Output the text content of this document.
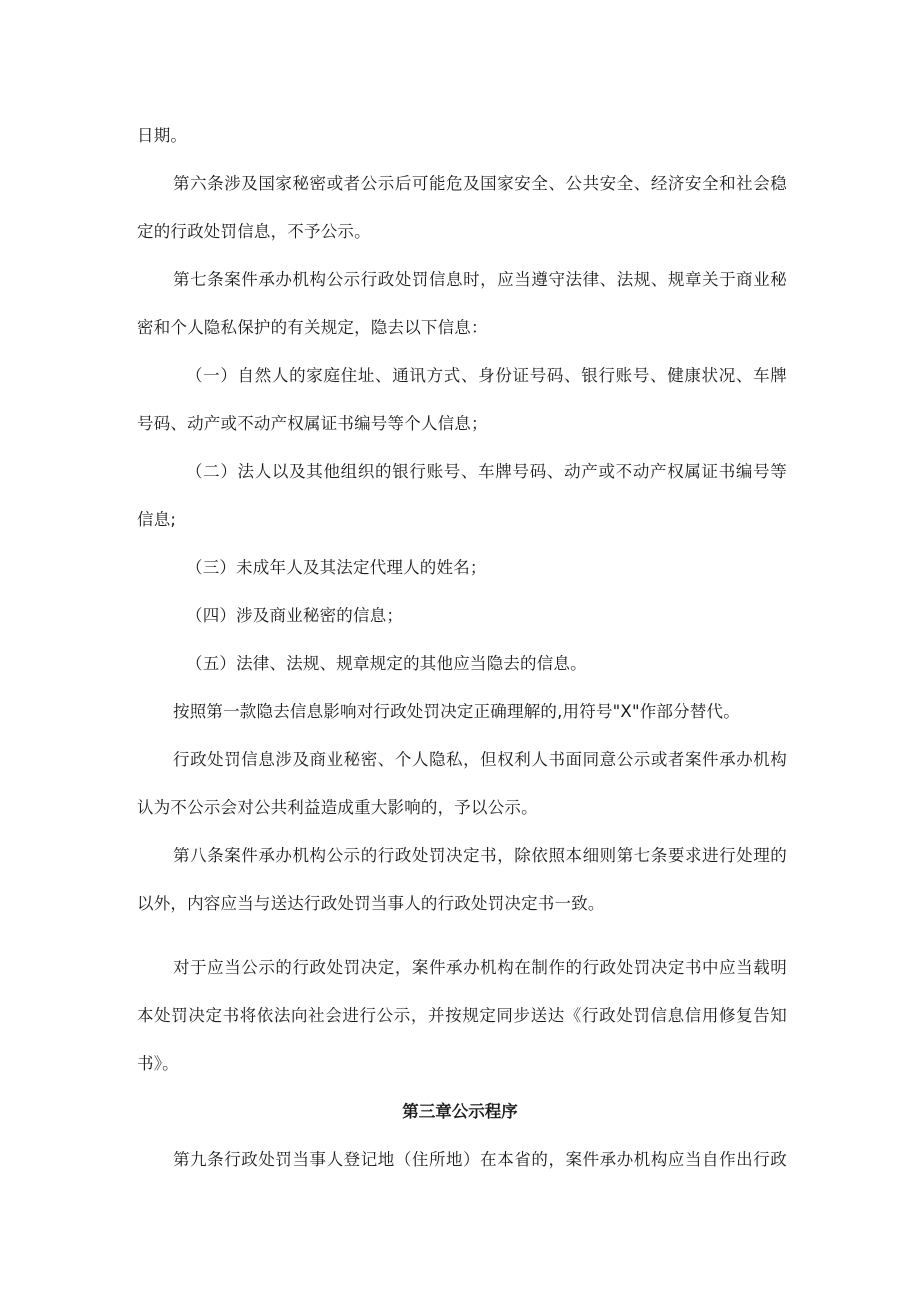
日期。
第六条涉及国家秘密或者公示后可能危及国家安全、公共安全、经济安全和社会稳
定的行政处罚信息，不予公示。
第七条案件承办机构公示行政处罚信息时，应当遵守法律、法规、规章关于商业秘
密和个人隐私保护的有关规定，隐去以下信息：
（一）自然人的家庭住址、通讯方式、身份证号码、银行账号、健康状况、车牌
号码、动产或不动产权属证书编号等个人信息；
（二）法人以及其他组织的银行账号、车牌号码、动产或不动产权属证书编号等
信息;
（三）未成年人及其法定代理人的姓名；
（四）涉及商业秘密的信息；
（五）法律、法规、规章规定的其他应当隐去的信息。
按照第一款隐去信息影响对行政处罚决定正确理解的,用符号"X"作部分替代。
行政处罚信息涉及商业秘密、个人隐私，但权利人书面同意公示或者案件承办机构
认为不公示会对公共利益造成重大影响的，予以公示。
第八条案件承办机构公示的行政处罚决定书，除依照本细则第七条要求进行处理的
以外，内容应当与送达行政处罚当事人的行政处罚决定书一致。
对于应当公示的行政处罚决定，案件承办机构在制作的行政处罚决定书中应当载明
本处罚决定书将依法向社会进行公示，并按规定同步送达《行政处罚信息信用修复告知
书》。
第三章公示程序
第九条行政处罚当事人登记地（住所地）在本省的，案件承办机构应当自作出行政
